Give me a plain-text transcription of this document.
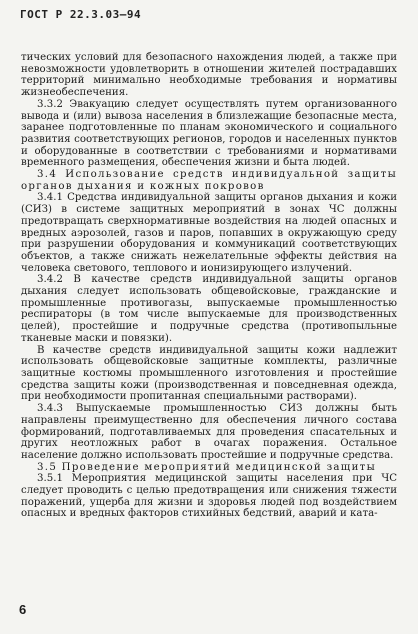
ГОСТ Р 22.3.03—94

тических условий для безопасного нахождения людей, а также при невозможности удовлетворить в отношении жителей пострадавших территорий минимально необходимые требования и нормативы жизнеобеспечения.

3.3.2 Эвакуацию следует осуществлять путем организованного вывода и (или) вывоза населения в близлежащие безопасные места, заранее подготовленные по планам экономического и социального развития соответствующих регионов, городов и населенных пунктов и оборудованные в соответствии с требованиями и нормативами временного размещения, обеспечения жизни и быта людей.

3.4 Использование средств индивидуальной защиты органов дыхания и кожных покровов

3.4.1 Средства индивидуальной защиты органов дыхания и кожи (СИЗ) в системе защитных мероприятий в зонах ЧС должны предотвращать сверхнормативные воздействия на людей опасных и вредных аэрозолей, газов и паров, попавших в окружающую среду при разрушении оборудования и коммуникаций соответствующих объектов, а также снижать нежелательные эффекты действия на человека светового, теплового и ионизирующего излучений.

3.4.2 В качестве средств индивидуальной защиты органов дыхания следует использовать общевойсковые, гражданские и промышленные противогазы, выпускаемые промышленностью респираторы (в том числе выпускаемые для производственных целей), простейшие и подручные средства (противопыльные тканевые маски и повязки).

В качестве средств индивидуальной защиты кожи надлежит использовать общевойсковые защитные комплекты, различные защитные костюмы промышленного изготовления и простейшие средства защиты кожи (производственная и повседневная одежда, при необходимости пропитанная специальными растворами).

3.4.3 Выпускаемые промышленностью СИЗ должны быть направлены преимущественно для обеспечения личного состава формирований, подготавливаемых для проведения спасательных и других неотложных работ в очагах поражения. Остальное население должно использовать простейшие и подручные средства.

3.5 Проведение мероприятий медицинской защиты

3.5.1 Мероприятия медицинской защиты населения при ЧС следует проводить с целью предотвращения или снижения тяжести поражений, ущерба для жизни и здоровья людей под воздействием опасных и вредных факторов стихийных бедствий, аварий и ката-

6
